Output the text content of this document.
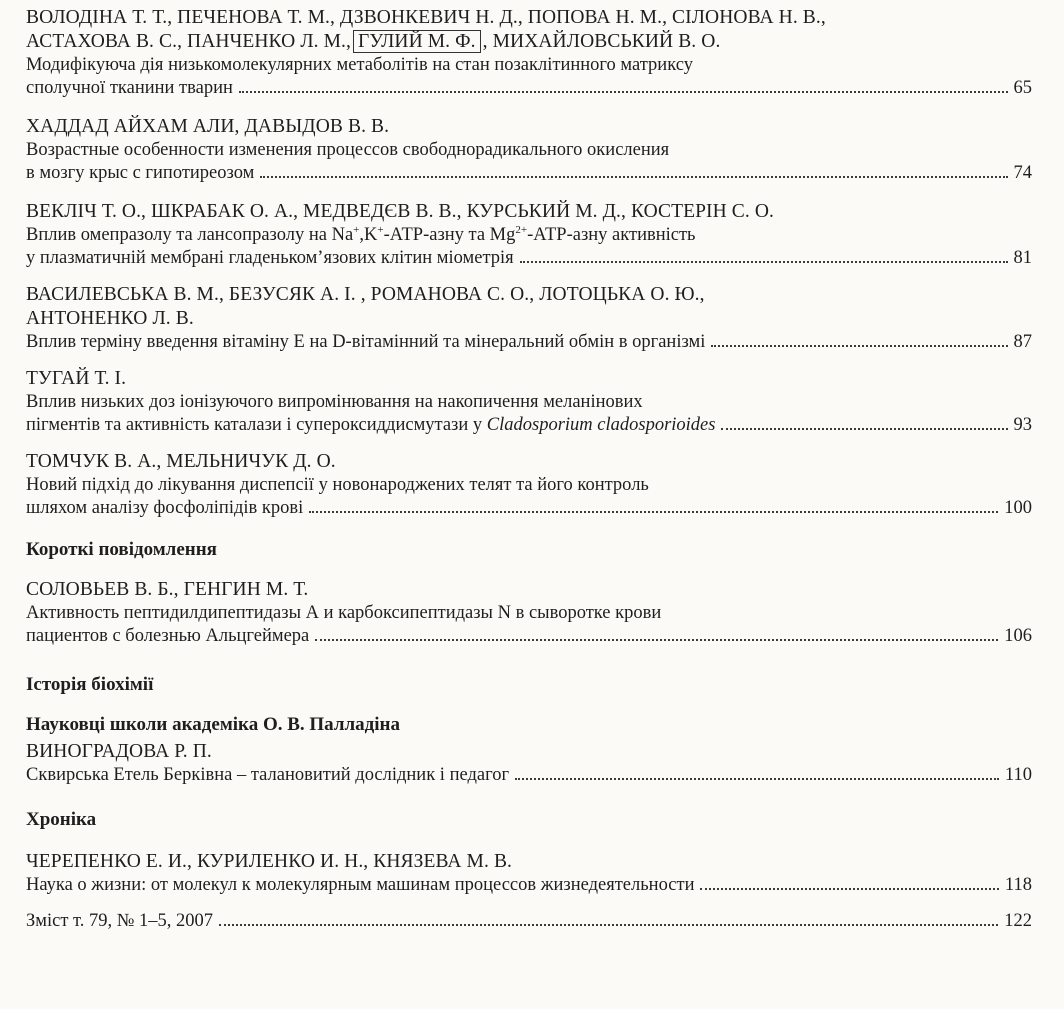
ВОЛОДІНА Т. Т., ПЕЧЕНОВА Т. М., ДЗВОНКЕВИЧ Н. Д., ПОПОВА Н. М., СІЛОНОВА Н. В.,
АСТАХОВА В. С., ПАНЧЕНКО Л. М., ГУЛИЙ М. Ф. , МИХАЙЛОВСЬКИЙ В. О.
Модифікуюча дія низькомолекулярних метаболітів на стан позаклітинного матриксу
сполучної тканини тварин	65
ХАДДАД АЙХАМ АЛИ, ДАВЫДОВ В. В.
Возрастные особенности изменения процессов свободнорадикального окисления
в мозгу крыс с гипотиреозом	74
ВЕКЛІЧ Т. О., ШКРАБАК О. А., МЕДВЕДЄВ В. В., КУРСЬКИЙ М. Д., КОСТЕРІН С. О.
Вплив омепразолу та лансопразолу на Na+,K+-АТР-азну та $Mg^{2+}-АТР$-азну активність
у плазматичній мембрані гладенькомʼязових клітин міометрія	81
ВАСИЛЕВСЬКА В. М., БЕЗУСЯК А. І. , РОМАНОВА С. О., ЛОТОЦЬКА О. Ю.,
АНТОНЕНКО Л. В.
Вплив терміну введення вітаміну Е на D-вітамінний та мінеральний обмін в організмі	87
ТУГАЙ Т. І.
Вплив низьких доз іонізуючого випромінювання на накопичення меланінових
пігментів та активність каталази і супероксиддисмутази у Cladosporium cladosporioides	93
ТОМЧУК В. А., МЕЛЬНИЧУК Д. О.
Новий підхід до лікування диспепсії у новонароджених телят та його контроль
шляхом аналізу фосфоліпідів крові	100
Короткі повідомлення
СОЛОВЬЕВ В. Б., ГЕНГИН М. Т.
Активность пептидилдипептидазы А и карбоксипептидазы N в сыворотке крови
пациентов с болезнью Альцгеймера	106
Історія біохімії
Науковці школи академіка О. В. Палладіна
ВИНОГРАДОВА Р. П.
Сквирська Етель Берківна ‒ талановитий дослідник і педагог	110
Хроніка
ЧЕРЕПЕНКО Е. И., КУРИЛЕНКО И. Н., КНЯЗЕВА М. В.
Наука о жизни: от молекул к молекулярным машинам процессов жизнедеятельности	118
Зміст т. 79, № 1‒5, 2007	122
